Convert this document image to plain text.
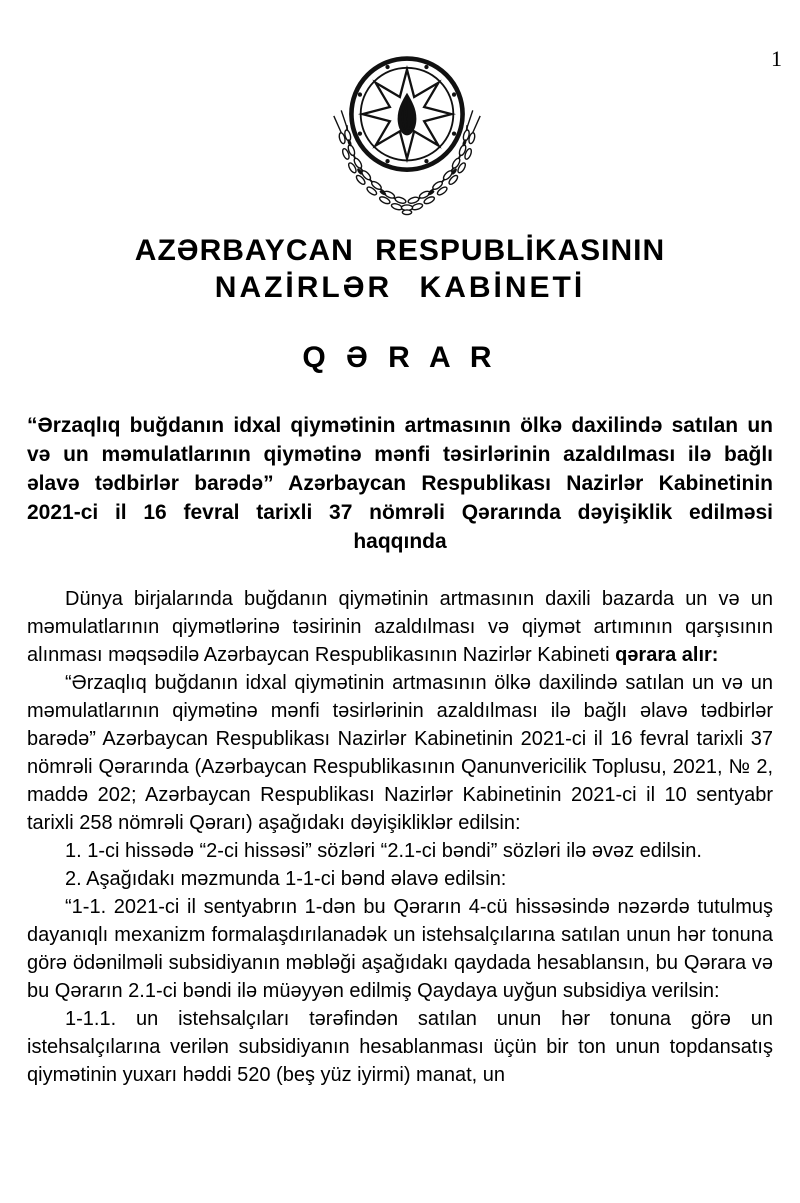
1
AZƏRBAYCAN RESPUBLİKASININ
NAZİRLƏR KABİNETİ
Q Ə R A R
“Ərzaqlıq buğdanın idxal qiymətinin artmasının ölkə daxilində satılan un və un məmulatlarının qiymətinə mənfi təsirlərinin azaldılması ilə bağlı əlavə tədbirlər barədə” Azərbaycan Respublikası Nazirlər Kabinetinin 2021-ci il 16 fevral tarixli 37 nömrəli Qərarında dəyişiklik edilməsi haqqında

Dünya birjalarında buğdanın qiymətinin artmasının daxili bazarda un və un məmulatlarının qiymətlərinə təsirinin azaldılması və qiymət artımının qarşısının alınması məqsədilə Azərbaycan Respublikasının Nazirlər Kabineti qərara alır:

“Ərzaqlıq buğdanın idxal qiymətinin artmasının ölkə daxilində satılan un və un məmulatlarının qiymətinə mənfi təsirlərinin azaldılması ilə bağlı əlavə tədbirlər barədə” Azərbaycan Respublikası Nazirlər Kabinetinin 2021-ci il 16 fevral tarixli 37 nömrəli Qərarında (Azərbaycan Respublikasının Qanunvericilik Toplusu, 2021, № 2, maddə 202; Azərbaycan Respublikası Nazirlər Kabinetinin 2021-ci il 10 sentyabr tarixli 258 nömrəli Qərarı) aşağıdakı dəyişikliklər edilsin:

1. 1-ci hissədə “2-ci hissəsi” sözləri “2.1-ci bəndi” sözləri ilə əvəz edilsin.

2. Aşağıdakı məzmunda 1-1-ci bənd əlavə edilsin:

“1-1. 2021-ci il sentyabrın 1-dən bu Qərarın 4-cü hissəsində nəzərdə tutulmuş dayanıqlı mexanizm formalaşdırılanadək un istehsalçılarına satılan unun hər tonuna görə ödənilməli subsidiyanın məbləği aşağıdakı qaydada hesablansın, bu Qərara və bu Qərarın 2.1-ci bəndi ilə müəyyən edilmiş Qaydaya uyğun subsidiya verilsin:

1-1.1. un istehsalçıları tərəfindən satılan unun hər tonuna görə un istehsalçılarına verilən subsidiyanın hesablanması üçün bir ton unun topdansatış qiymətinin yuxarı həddi 520 (beş yüz iyirmi) manat, un
